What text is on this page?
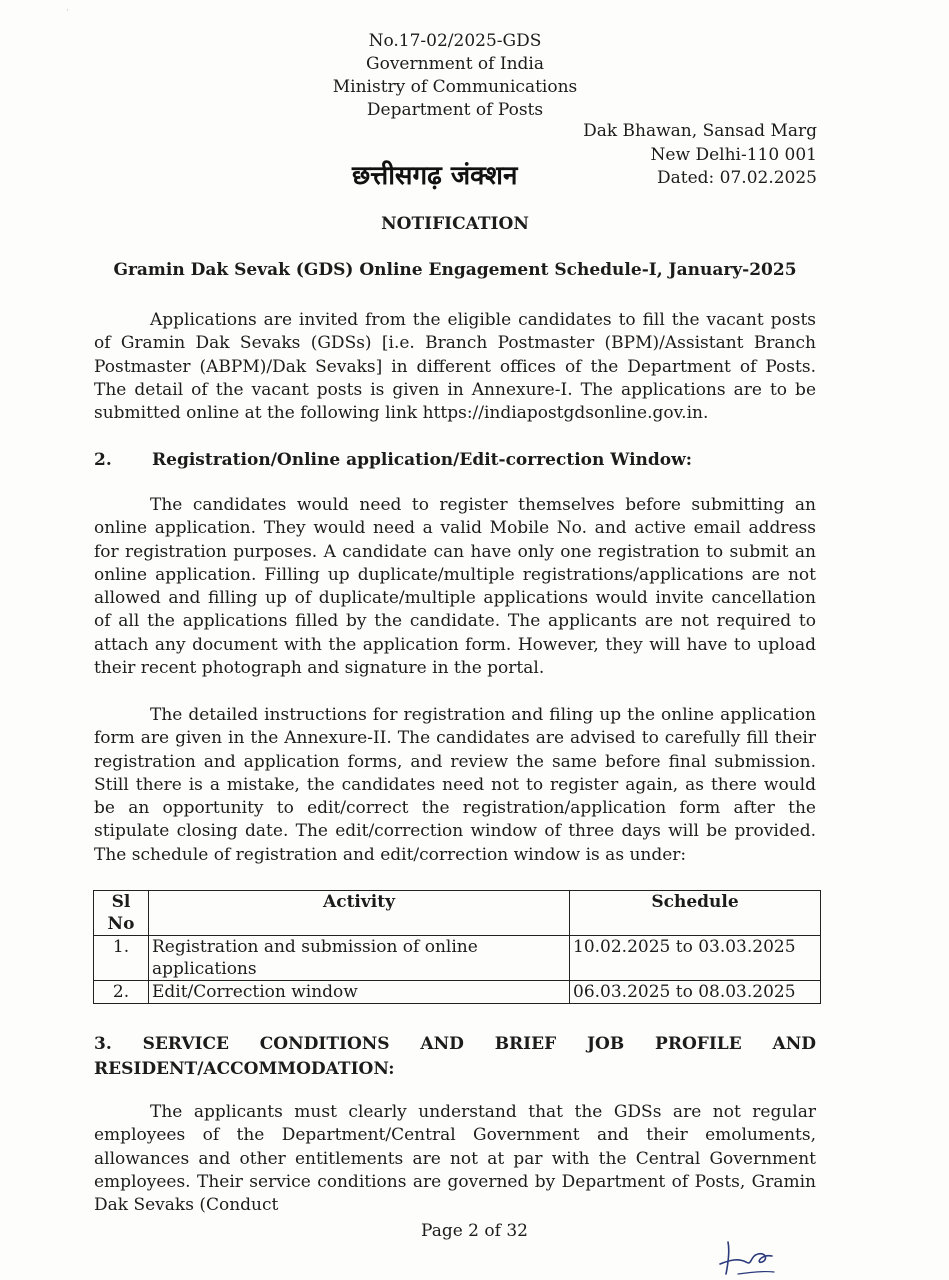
·
No.17-02/2025-GDS
Government of India
Ministry of Communications
Department of Posts
Dak Bhawan, Sansad Marg
New Delhi-110 001
Dated: 07.02.2025
छत्तीसगढ़ जंक्शन
NOTIFICATION
Gramin Dak Sevak (GDS) Online Engagement Schedule-I, January-2025
Applications are invited from the eligible candidates to fill the vacant posts of Gramin Dak Sevaks (GDSs) [i.e. Branch Postmaster (BPM)/Assistant Branch Postmaster (ABPM)/Dak Sevaks] in different offices of the Department of Posts. The detail of the vacant posts is given in Annexure-I. The applications are to be submitted online at the following link https://indiapostgdsonline.gov.in.
2. Registration/Online application/Edit-correction Window:
The candidates would need to register themselves before submitting an online application. They would need a valid Mobile No. and active email address for registration purposes. A candidate can have only one registration to submit an online application. Filling up duplicate/multiple registrations/applications are not allowed and filling up of duplicate/multiple applications would invite cancellation of all the applications filled by the candidate. The applicants are not required to attach any document with the application form. However, they will have to upload their recent photograph and signature in the portal.
The detailed instructions for registration and filing up the online application form are given in the Annexure-II. The candidates are advised to carefully fill their registration and application forms, and review the same before final submission. Still there is a mistake, the candidates need not to register again, as there would be an opportunity to edit/correct the registration/application form after the stipulate closing date. The edit/correction window of three days will be provided. The schedule of registration and edit/correction window is as under:
Sl No	Activity	Schedule
1.	Registration and submission of online applications	10.02.2025 to 03.03.2025
2.	Edit/Correction window	06.03.2025 to 08.03.2025
3. SERVICE CONDITIONS AND BRIEF JOB PROFILE AND
RESIDENT/ACCOMMODATION:
The applicants must clearly understand that the GDSs are not regular employees of the Department/Central Government and their emoluments, allowances and other entitlements are not at par with the Central Government employees. Their service conditions are governed by Department of Posts, Gramin Dak Sevaks (Conduct
Page 2 of 32
